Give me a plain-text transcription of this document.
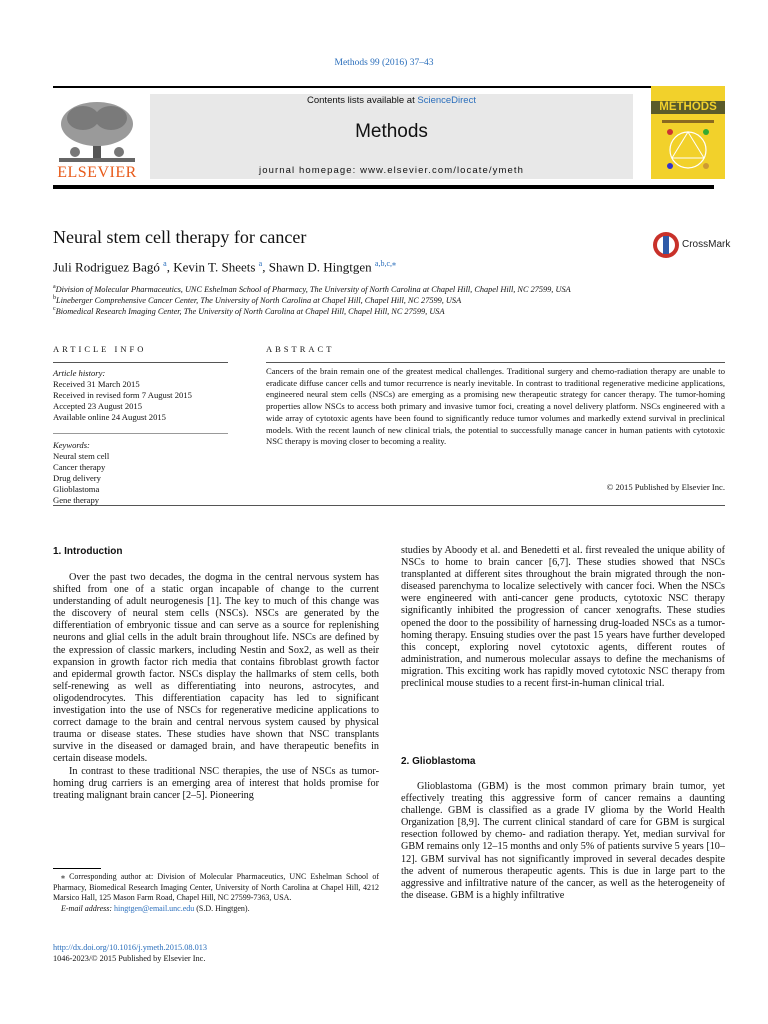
Methods 99 (2016) 37–43
ELSEVIER
Contents lists available at ScienceDirect
Methods
journal homepage: www.elsevier.com/locate/ymeth
METHODS
Neural stem cell therapy for cancer	CrossMark
Juli Rodriguez Bagó $^a$, Kevin T. Sheets $^a$, Shawn D. Hingtgen $^{a,b,c,⁎}$
$^a$Division of Molecular Pharmaceutics, UNC Eshelman School of Pharmacy, The University of North Carolina at Chapel Hill, Chapel Hill, NC 27599, USA
$^b$Lineberger Comprehensive Cancer Center, The University of North Carolina at Chapel Hill, Chapel Hill, NC 27599, USA
$^c$Biomedical Research Imaging Center, The University of North Carolina at Chapel Hill, Chapel Hill, NC 27599, USA
ARTICLE INFO	ABSTRACT
Article history:
Received 31 March 2015
Received in revised form 7 August 2015
Accepted 23 August 2015
Available online 24 August 2015
Keywords:
Neural stem cell
Cancer therapy
Drug delivery
Glioblastoma
Gene therapy
Cancers of the brain remain one of the greatest medical challenges. Traditional surgery and chemo-radiation therapy are unable to eradicate diffuse cancer cells and tumor recurrence is nearly inevitable. In contrast to traditional regenerative medicine applications, engineered neural stem cells (NSCs) are emerging as a promising new therapeutic strategy for cancer therapy. The tumor-homing properties allow NSCs to access both primary and invasive tumor foci, creating a novel delivery platform. NSCs engineered with a wide array of cytotoxic agents have been found to significantly reduce tumor volumes and markedly extend survival in preclinical models. With the recent launch of new clinical trials, the potential to successfully manage cancer in human patients with cytotoxic NSC therapy is moving closer to becoming a reality.
© 2015 Published by Elsevier Inc.
1. Introduction

Over the past two decades, the dogma in the central nervous system has shifted from one of a static organ incapable of change to the current understanding of adult neurogenesis [1]. The key to much of this change was the discovery of neural stem cells (NSCs). NSCs are generated by the differentiation of embryonic tissue and can serve as a source for replenishing neurons and glial cells in the adult brain throughout life. NSCs are defined by the expression of classic markers, including Nestin and Sox2, as well as their expansion in growth factor rich media that contains fibroblast growth factor and epidermal growth factor. NSCs display the hallmarks of stem cells, both self-renewing as well as differentiating into neurons, astrocytes, and oligodendrocytes. This differentiation capacity has led to significant investigation into the use of NSCs for regenerative medicine applications to correct damage to the brain and central nervous system caused by physical trauma or disease states. These studies have shown that NSC transplants survive in the diseased or damaged brain, and have therapeutic benefits in certain disease models.

In contrast to these traditional NSC therapies, the use of NSCs as tumor-homing drug carriers is an emerging area of interest that holds promise for treating malignant brain cancer [2–5]. Pioneering

studies by Aboody et al. and Benedetti et al. first revealed the unique ability of NSCs to home to brain cancer [6,7]. These studies showed that NSCs transplanted at different sites throughout the brain migrated through the non-diseased parenchyma to localize selectively with cancer foci. When the NSCs were engineered with anti-cancer gene products, cytotoxic NSC therapy significantly inhibited the progression of cancer xenografts. These studies opened the door to the possibility of harnessing drug-loaded NSCs as a tumor-homing therapy. Ensuing studies over the past 15 years have further developed this concept, exploring novel cytotoxic agents, different routes of administration, and numerous molecular assays to define the mechanisms of migration. This exciting work has rapidly moved cytotoxic NSC therapy from preclinical mouse studies to a recent first-in-human clinical trial.

2. Glioblastoma

Glioblastoma (GBM) is the most common primary brain tumor, yet effectively treating this aggressive form of cancer remains a daunting challenge. GBM is classified as a grade IV glioma by the World Health Organization [8,9]. The current clinical standard of care for GBM is surgical resection followed by chemo- and radiation therapy. Yet, median survival for GBM remains only 12–15 months and only 5% of patients survive 5 years [10–12]. GBM survival has not significantly improved in several decades despite the advent of numerous therapeutic agents. This is due in large part to the aggressive and infiltrative nature of the cancer, as well as the heterogeneity of the disease. GBM is a highly infiltrative

⁎ Corresponding author at: Division of Molecular Pharmaceutics, UNC Eshelman School of Pharmacy, Biomedical Research Imaging Center, University of North Carolina at Chapel Hill, 4212 Marsico Hall, 125 Mason Farm Road, Chapel Hill, NC 27599-7363, USA.
E-mail address: hingtgen@email.unc.edu (S.D. Hingtgen).
http://dx.doi.org/10.1016/j.ymeth.2015.08.013
1046-2023/© 2015 Published by Elsevier Inc.
